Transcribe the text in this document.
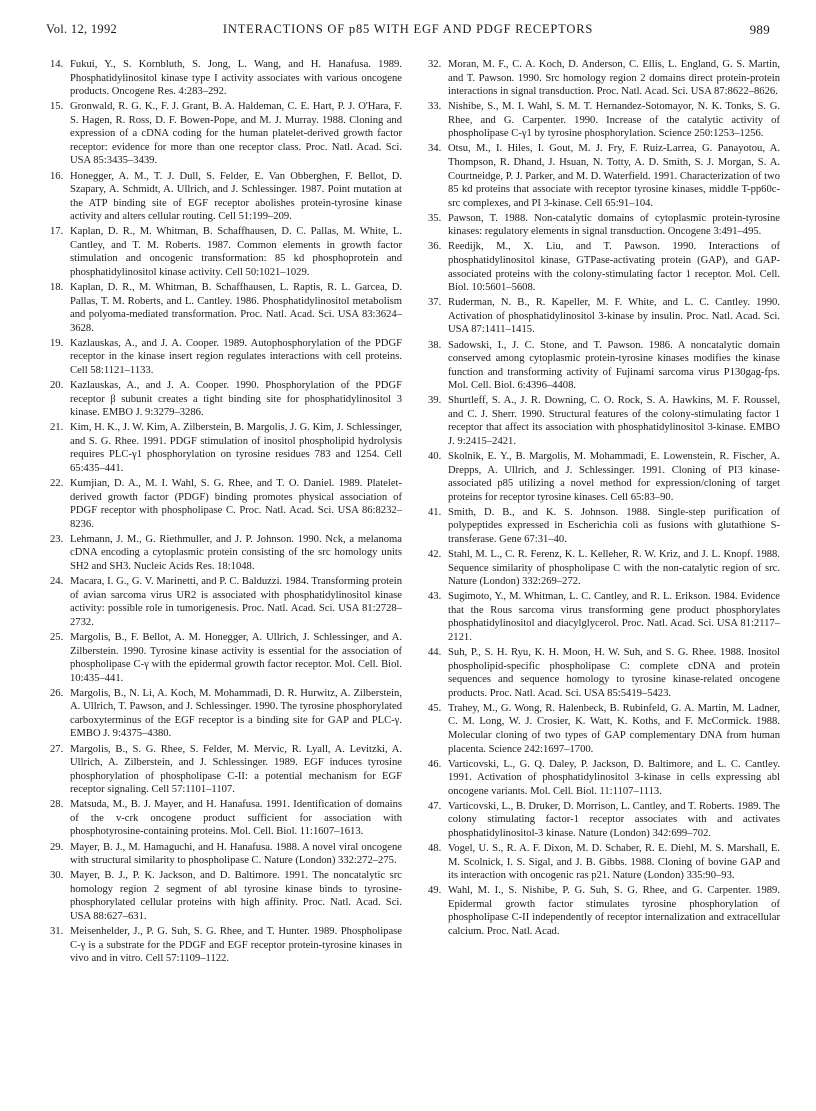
Vol. 12, 1992	INTERACTIONS OF p85 WITH EGF AND PDGF RECEPTORS	989
14. Fukui, Y., S. Kornbluth, S. Jong, L. Wang, and H. Hanafusa. 1989. Phosphatidylinositol kinase type I activity associates with various oncogene products. Oncogene Res. 4:283–292.
15. Gronwald, R. G. K., F. J. Grant, B. A. Haldeman, C. E. Hart, P. J. O'Hara, F. S. Hagen, R. Ross, D. F. Bowen-Pope, and M. J. Murray. 1988. Cloning and expression of a cDNA coding for the human platelet-derived growth factor receptor: evidence for more than one receptor class. Proc. Natl. Acad. Sci. USA 85:3435–3439.
16. Honegger, A. M., T. J. Dull, S. Felder, E. Van Obberghen, F. Bellot, D. Szapary, A. Schmidt, A. Ullrich, and J. Schlessinger. 1987. Point mutation at the ATP binding site of EGF receptor abolishes protein-tyrosine kinase activity and alters cellular routing. Cell 51:199–209.
17. Kaplan, D. R., M. Whitman, B. Schaffhausen, D. C. Pallas, M. White, L. Cantley, and T. M. Roberts. 1987. Common elements in growth factor stimulation and oncogenic transformation: 85 kd phosphoprotein and phosphatidylinositol kinase activity. Cell 50:1021–1029.
18. Kaplan, D. R., M. Whitman, B. Schaffhausen, L. Raptis, R. L. Garcea, D. Pallas, T. M. Roberts, and L. Cantley. 1986. Phosphatidylinositol metabolism and polyoma-mediated transformation. Proc. Natl. Acad. Sci. USA 83:3624–3628.
19. Kazlauskas, A., and J. A. Cooper. 1989. Autophosphorylation of the PDGF receptor in the kinase insert region regulates interactions with cell proteins. Cell 58:1121–1133.
20. Kazlauskas, A., and J. A. Cooper. 1990. Phosphorylation of the PDGF receptor β subunit creates a tight binding site for phosphatidylinositol 3 kinase. EMBO J. 9:3279–3286.
21. Kim, H. K., J. W. Kim, A. Zilberstein, B. Margolis, J. G. Kim, J. Schlessinger, and S. G. Rhee. 1991. PDGF stimulation of inositol phospholipid hydrolysis requires PLC-γ1 phosphorylation on tyrosine residues 783 and 1254. Cell 65:435–441.
22. Kumjian, D. A., M. I. Wahl, S. G. Rhee, and T. O. Daniel. 1989. Platelet-derived growth factor (PDGF) binding promotes physical association of PDGF receptor with phospholipase C. Proc. Natl. Acad. Sci. USA 86:8232–8236.
23. Lehmann, J. M., G. Riethmuller, and J. P. Johnson. 1990. Nck, a melanoma cDNA encoding a cytoplasmic protein consisting of the src homology units SH2 and SH3. Nucleic Acids Res. 18:1048.
24. Macara, I. G., G. V. Marinetti, and P. C. Balduzzi. 1984. Transforming protein of avian sarcoma virus UR2 is associated with phosphatidylinositol kinase activity: possible role in tumorigenesis. Proc. Natl. Acad. Sci. USA 81:2728–2732.
25. Margolis, B., F. Bellot, A. M. Honegger, A. Ullrich, J. Schlessinger, and A. Zilberstein. 1990. Tyrosine kinase activity is essential for the association of phospholipase C-γ with the epidermal growth factor receptor. Mol. Cell. Biol. 10:435–441.
26. Margolis, B., N. Li, A. Koch, M. Mohammadi, D. R. Hurwitz, A. Zilberstein, A. Ullrich, T. Pawson, and J. Schlessinger. 1990. The tyrosine phosphorylated carboxyterminus of the EGF receptor is a binding site for GAP and PLC-γ. EMBO J. 9:4375–4380.
27. Margolis, B., S. G. Rhee, S. Felder, M. Mervic, R. Lyall, A. Levitzki, A. Ullrich, A. Zilberstein, and J. Schlessinger. 1989. EGF induces tyrosine phosphorylation of phospholipase C-II: a potential mechanism for EGF receptor signaling. Cell 57:1101–1107.
28. Matsuda, M., B. J. Mayer, and H. Hanafusa. 1991. Identification of domains of the v-crk oncogene product sufficient for association with phosphotyrosine-containing proteins. Mol. Cell. Biol. 11:1607–1613.
29. Mayer, B. J., M. Hamaguchi, and H. Hanafusa. 1988. A novel viral oncogene with structural similarity to phospholipase C. Nature (London) 332:272–275.
30. Mayer, B. J., P. K. Jackson, and D. Baltimore. 1991. The noncatalytic src homology region 2 segment of abl tyrosine kinase binds to tyrosine-phosphorylated cellular proteins with high affinity. Proc. Natl. Acad. Sci. USA 88:627–631.
31. Meisenhelder, J., P. G. Suh, S. G. Rhee, and T. Hunter. 1989. Phospholipase C-γ is a substrate for the PDGF and EGF receptor protein-tyrosine kinases in vivo and in vitro. Cell 57:1109–1122.
32. Moran, M. F., C. A. Koch, D. Anderson, C. Ellis, L. England, G. S. Martin, and T. Pawson. 1990. Src homology region 2 domains direct protein-protein interactions in signal transduction. Proc. Natl. Acad. Sci. USA 87:8622–8626.
33. Nishibe, S., M. I. Wahl, S. M. T. Hernandez-Sotomayor, N. K. Tonks, S. G. Rhee, and G. Carpenter. 1990. Increase of the catalytic activity of phospholipase C-γ1 by tyrosine phosphorylation. Science 250:1253–1256.
34. Otsu, M., I. Hiles, I. Gout, M. J. Fry, F. Ruiz-Larrea, G. Panayotou, A. Thompson, R. Dhand, J. Hsuan, N. Totty, A. D. Smith, S. J. Morgan, S. A. Courtneidge, P. J. Parker, and M. D. Waterfield. 1991. Characterization of two 85 kd proteins that associate with receptor tyrosine kinases, middle T-pp60c-src complexes, and PI 3-kinase. Cell 65:91–104.
35. Pawson, T. 1988. Non-catalytic domains of cytoplasmic protein-tyrosine kinases: regulatory elements in signal transduction. Oncogene 3:491–495.
36. Reedijk, M., X. Liu, and T. Pawson. 1990. Interactions of phosphatidylinositol kinase, GTPase-activating protein (GAP), and GAP-associated proteins with the colony-stimulating factor 1 receptor. Mol. Cell. Biol. 10:5601–5608.
37. Ruderman, N. B., R. Kapeller, M. F. White, and L. C. Cantley. 1990. Activation of phosphatidylinositol 3-kinase by insulin. Proc. Natl. Acad. Sci. USA 87:1411–1415.
38. Sadowski, I., J. C. Stone, and T. Pawson. 1986. A noncatalytic domain conserved among cytoplasmic protein-tyrosine kinases modifies the kinase function and transforming activity of Fujinami sarcoma virus P130gag-fps. Mol. Cell. Biol. 6:4396–4408.
39. Shurtleff, S. A., J. R. Downing, C. O. Rock, S. A. Hawkins, M. F. Roussel, and C. J. Sherr. 1990. Structural features of the colony-stimulating factor 1 receptor that affect its association with phosphatidylinositol 3-kinase. EMBO J. 9:2415–2421.
40. Skolnik, E. Y., B. Margolis, M. Mohammadi, E. Lowenstein, R. Fischer, A. Drepps, A. Ullrich, and J. Schlessinger. 1991. Cloning of PI3 kinase-associated p85 utilizing a novel method for expression/cloning of target proteins for receptor tyrosine kinases. Cell 65:83–90.
41. Smith, D. B., and K. S. Johnson. 1988. Single-step purification of polypeptides expressed in Escherichia coli as fusions with glutathione S-transferase. Gene 67:31–40.
42. Stahl, M. L., C. R. Ferenz, K. L. Kelleher, R. W. Kriz, and J. L. Knopf. 1988. Sequence similarity of phospholipase C with the non-catalytic region of src. Nature (London) 332:269–272.
43. Sugimoto, Y., M. Whitman, L. C. Cantley, and R. L. Erikson. 1984. Evidence that the Rous sarcoma virus transforming gene product phosphorylates phosphatidylinositol and diacylglycerol. Proc. Natl. Acad. Sci. USA 81:2117–2121.
44. Suh, P., S. H. Ryu, K. H. Moon, H. W. Suh, and S. G. Rhee. 1988. Inositol phospholipid-specific phospholipase C: complete cDNA and protein sequences and sequence homology to tyrosine kinase-related oncogene products. Proc. Natl. Acad. Sci. USA 85:5419–5423.
45. Trahey, M., G. Wong, R. Halenbeck, B. Rubinfeld, G. A. Martin, M. Ladner, C. M. Long, W. J. Crosier, K. Watt, K. Koths, and F. McCormick. 1988. Molecular cloning of two types of GAP complementary DNA from human placenta. Science 242:1697–1700.
46. Varticovski, L., G. Q. Daley, P. Jackson, D. Baltimore, and L. C. Cantley. 1991. Activation of phosphatidylinositol 3-kinase in cells expressing abl oncogene variants. Mol. Cell. Biol. 11:1107–1113.
47. Varticovski, L., B. Druker, D. Morrison, L. Cantley, and T. Roberts. 1989. The colony stimulating factor-1 receptor associates with and activates phosphatidylinositol-3 kinase. Nature (London) 342:699–702.
48. Vogel, U. S., R. A. F. Dixon, M. D. Schaber, R. E. Diehl, M. S. Marshall, E. M. Scolnick, I. S. Sigal, and J. B. Gibbs. 1988. Cloning of bovine GAP and its interaction with oncogenic ras p21. Nature (London) 335:90–93.
49. Wahl, M. I., S. Nishibe, P. G. Suh, S. G. Rhee, and G. Carpenter. 1989. Epidermal growth factor stimulates tyrosine phosphorylation of phospholipase C-II independently of receptor internalization and extracellular calcium. Proc. Natl. Acad.
